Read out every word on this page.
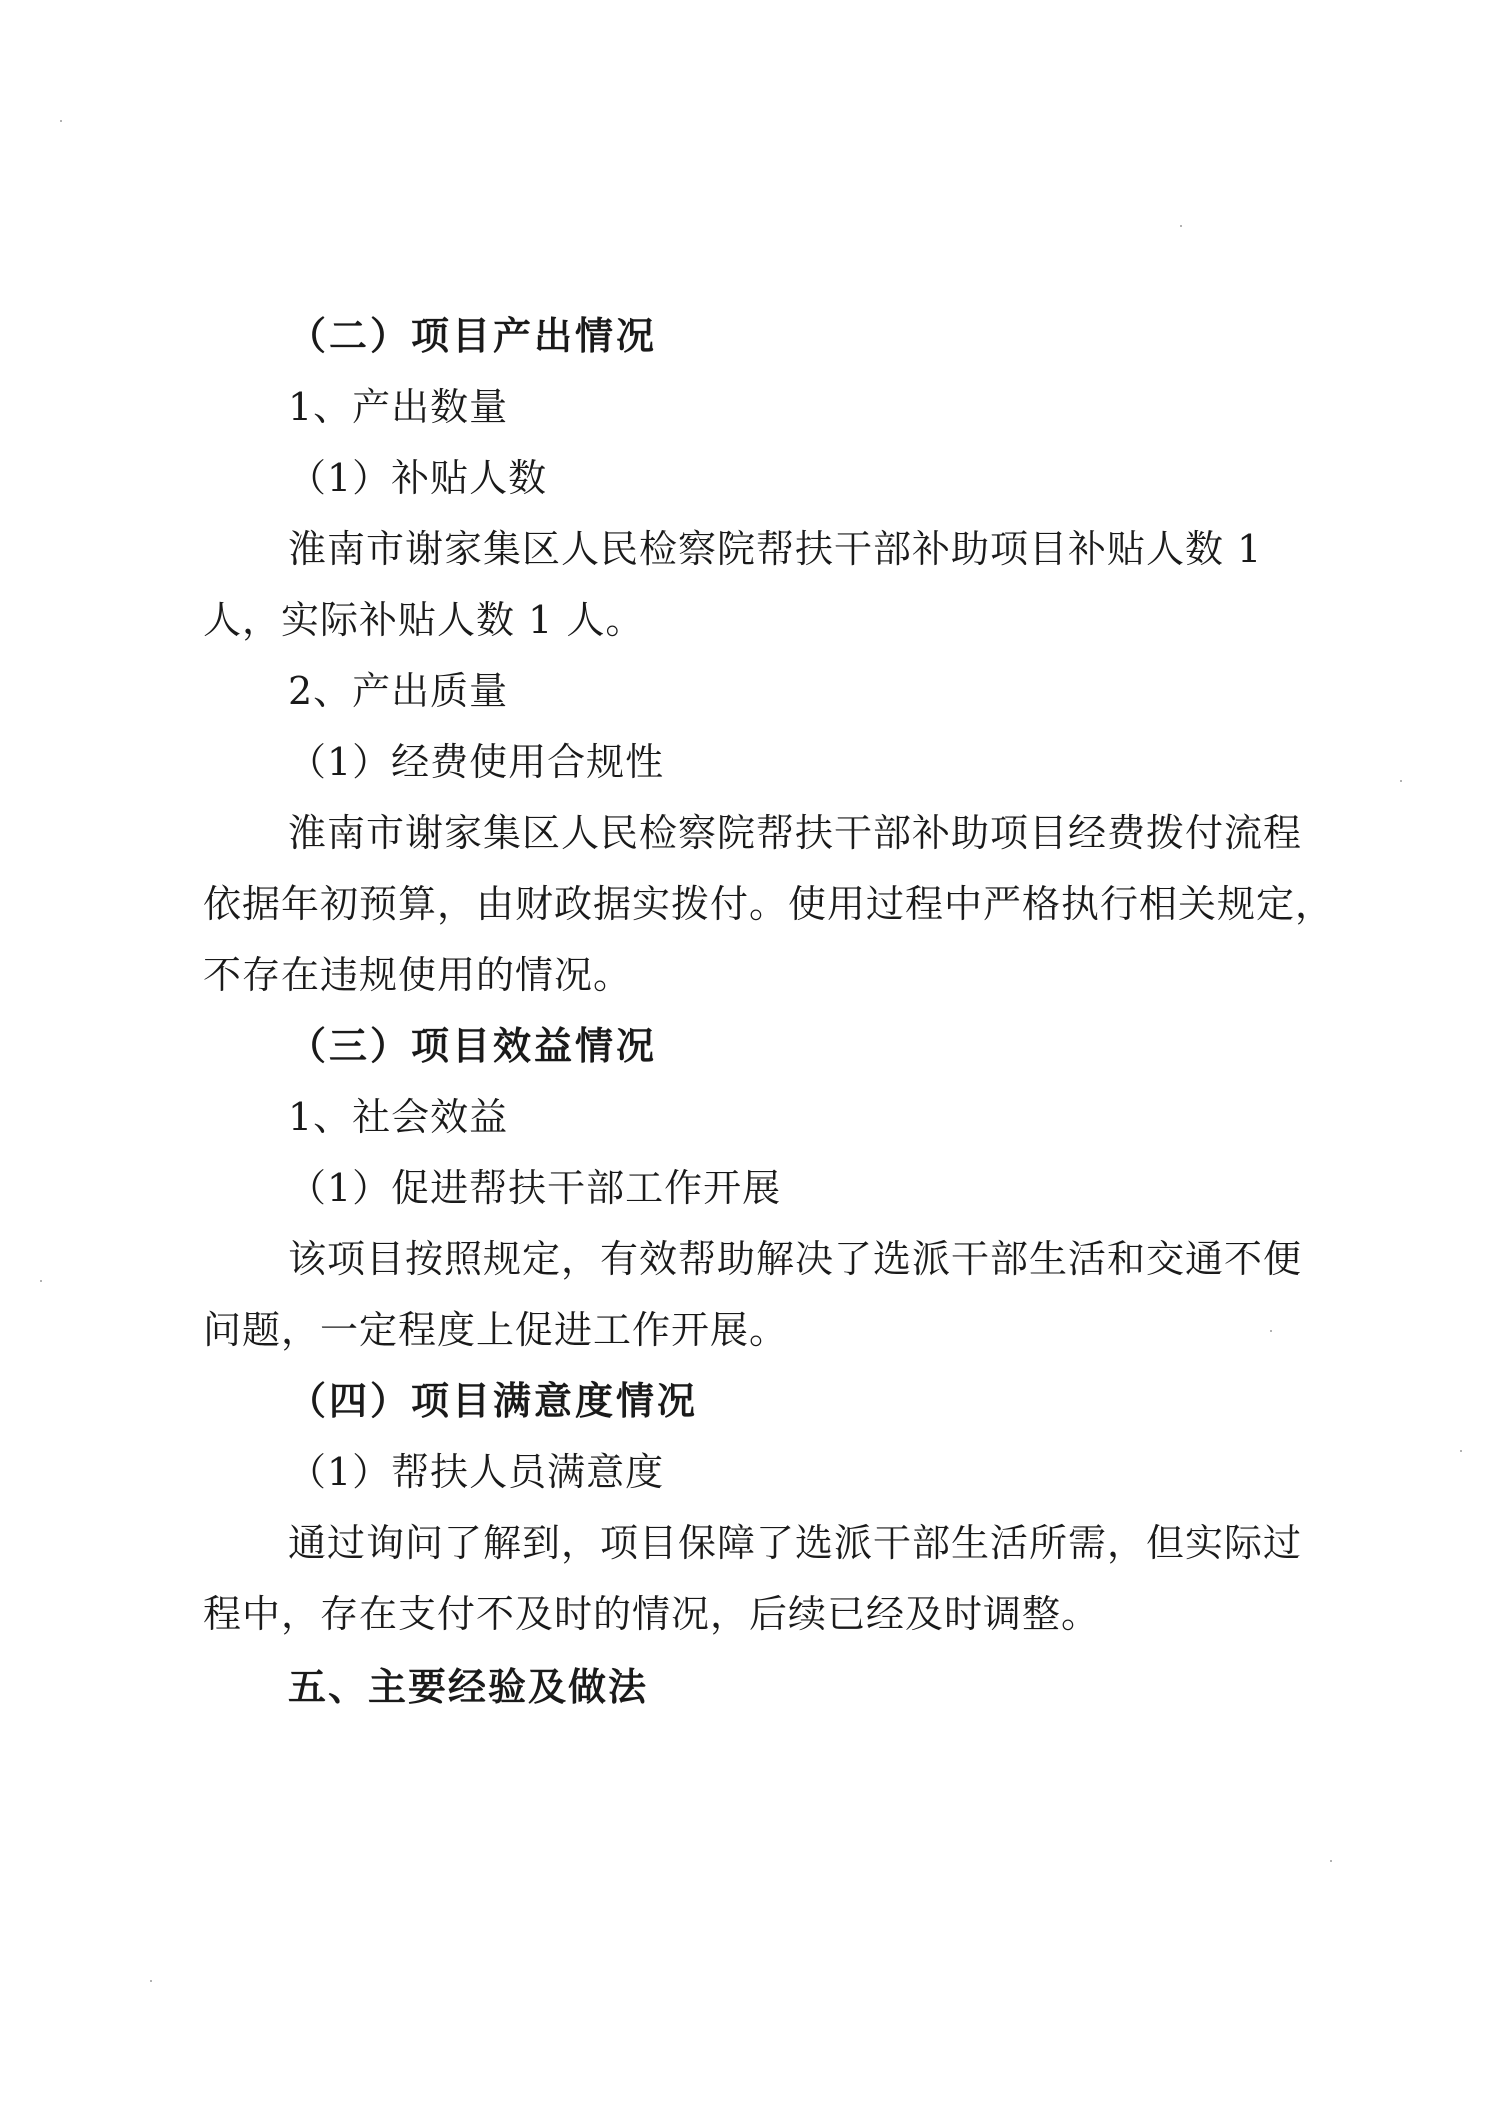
（二）项目产出情况
1、产出数量
（1）补贴人数
淮南市谢家集区人民检察院帮扶干部补助项目补贴人数 1
人，实际补贴人数 1 人。
2、产出质量
（1）经费使用合规性
淮南市谢家集区人民检察院帮扶干部补助项目经费拨付流程
依据年初预算，由财政据实拨付。使用过程中严格执行相关规定，
不存在违规使用的情况。
（三）项目效益情况
1、社会效益
（1）促进帮扶干部工作开展
该项目按照规定，有效帮助解决了选派干部生活和交通不便
问题，一定程度上促进工作开展。
（四）项目满意度情况
（1）帮扶人员满意度
通过询问了解到，项目保障了选派干部生活所需，但实际过
程中，存在支付不及时的情况，后续已经及时调整。
五、主要经验及做法
